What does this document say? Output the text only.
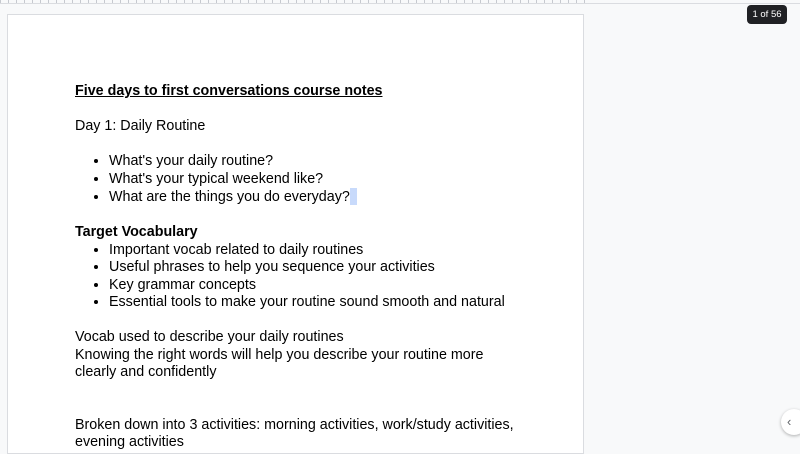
Five days to first conversations course notes

Day 1: Daily Routine

• What's your daily routine?
• What's your typical weekend like?
• What are the things you do everyday?

Target Vocabulary

• Important vocab related to daily routines
• Useful phrases to help you sequence your activities
• Key grammar concepts
• Essential tools to make your routine sound smooth and natural

Vocab used to describe your daily routines

Knowing the right words will help you describe your routine more clearly and confidently

Broken down into 3 activities: morning activities, work/study activities, evening activities

1 of 56
‹
